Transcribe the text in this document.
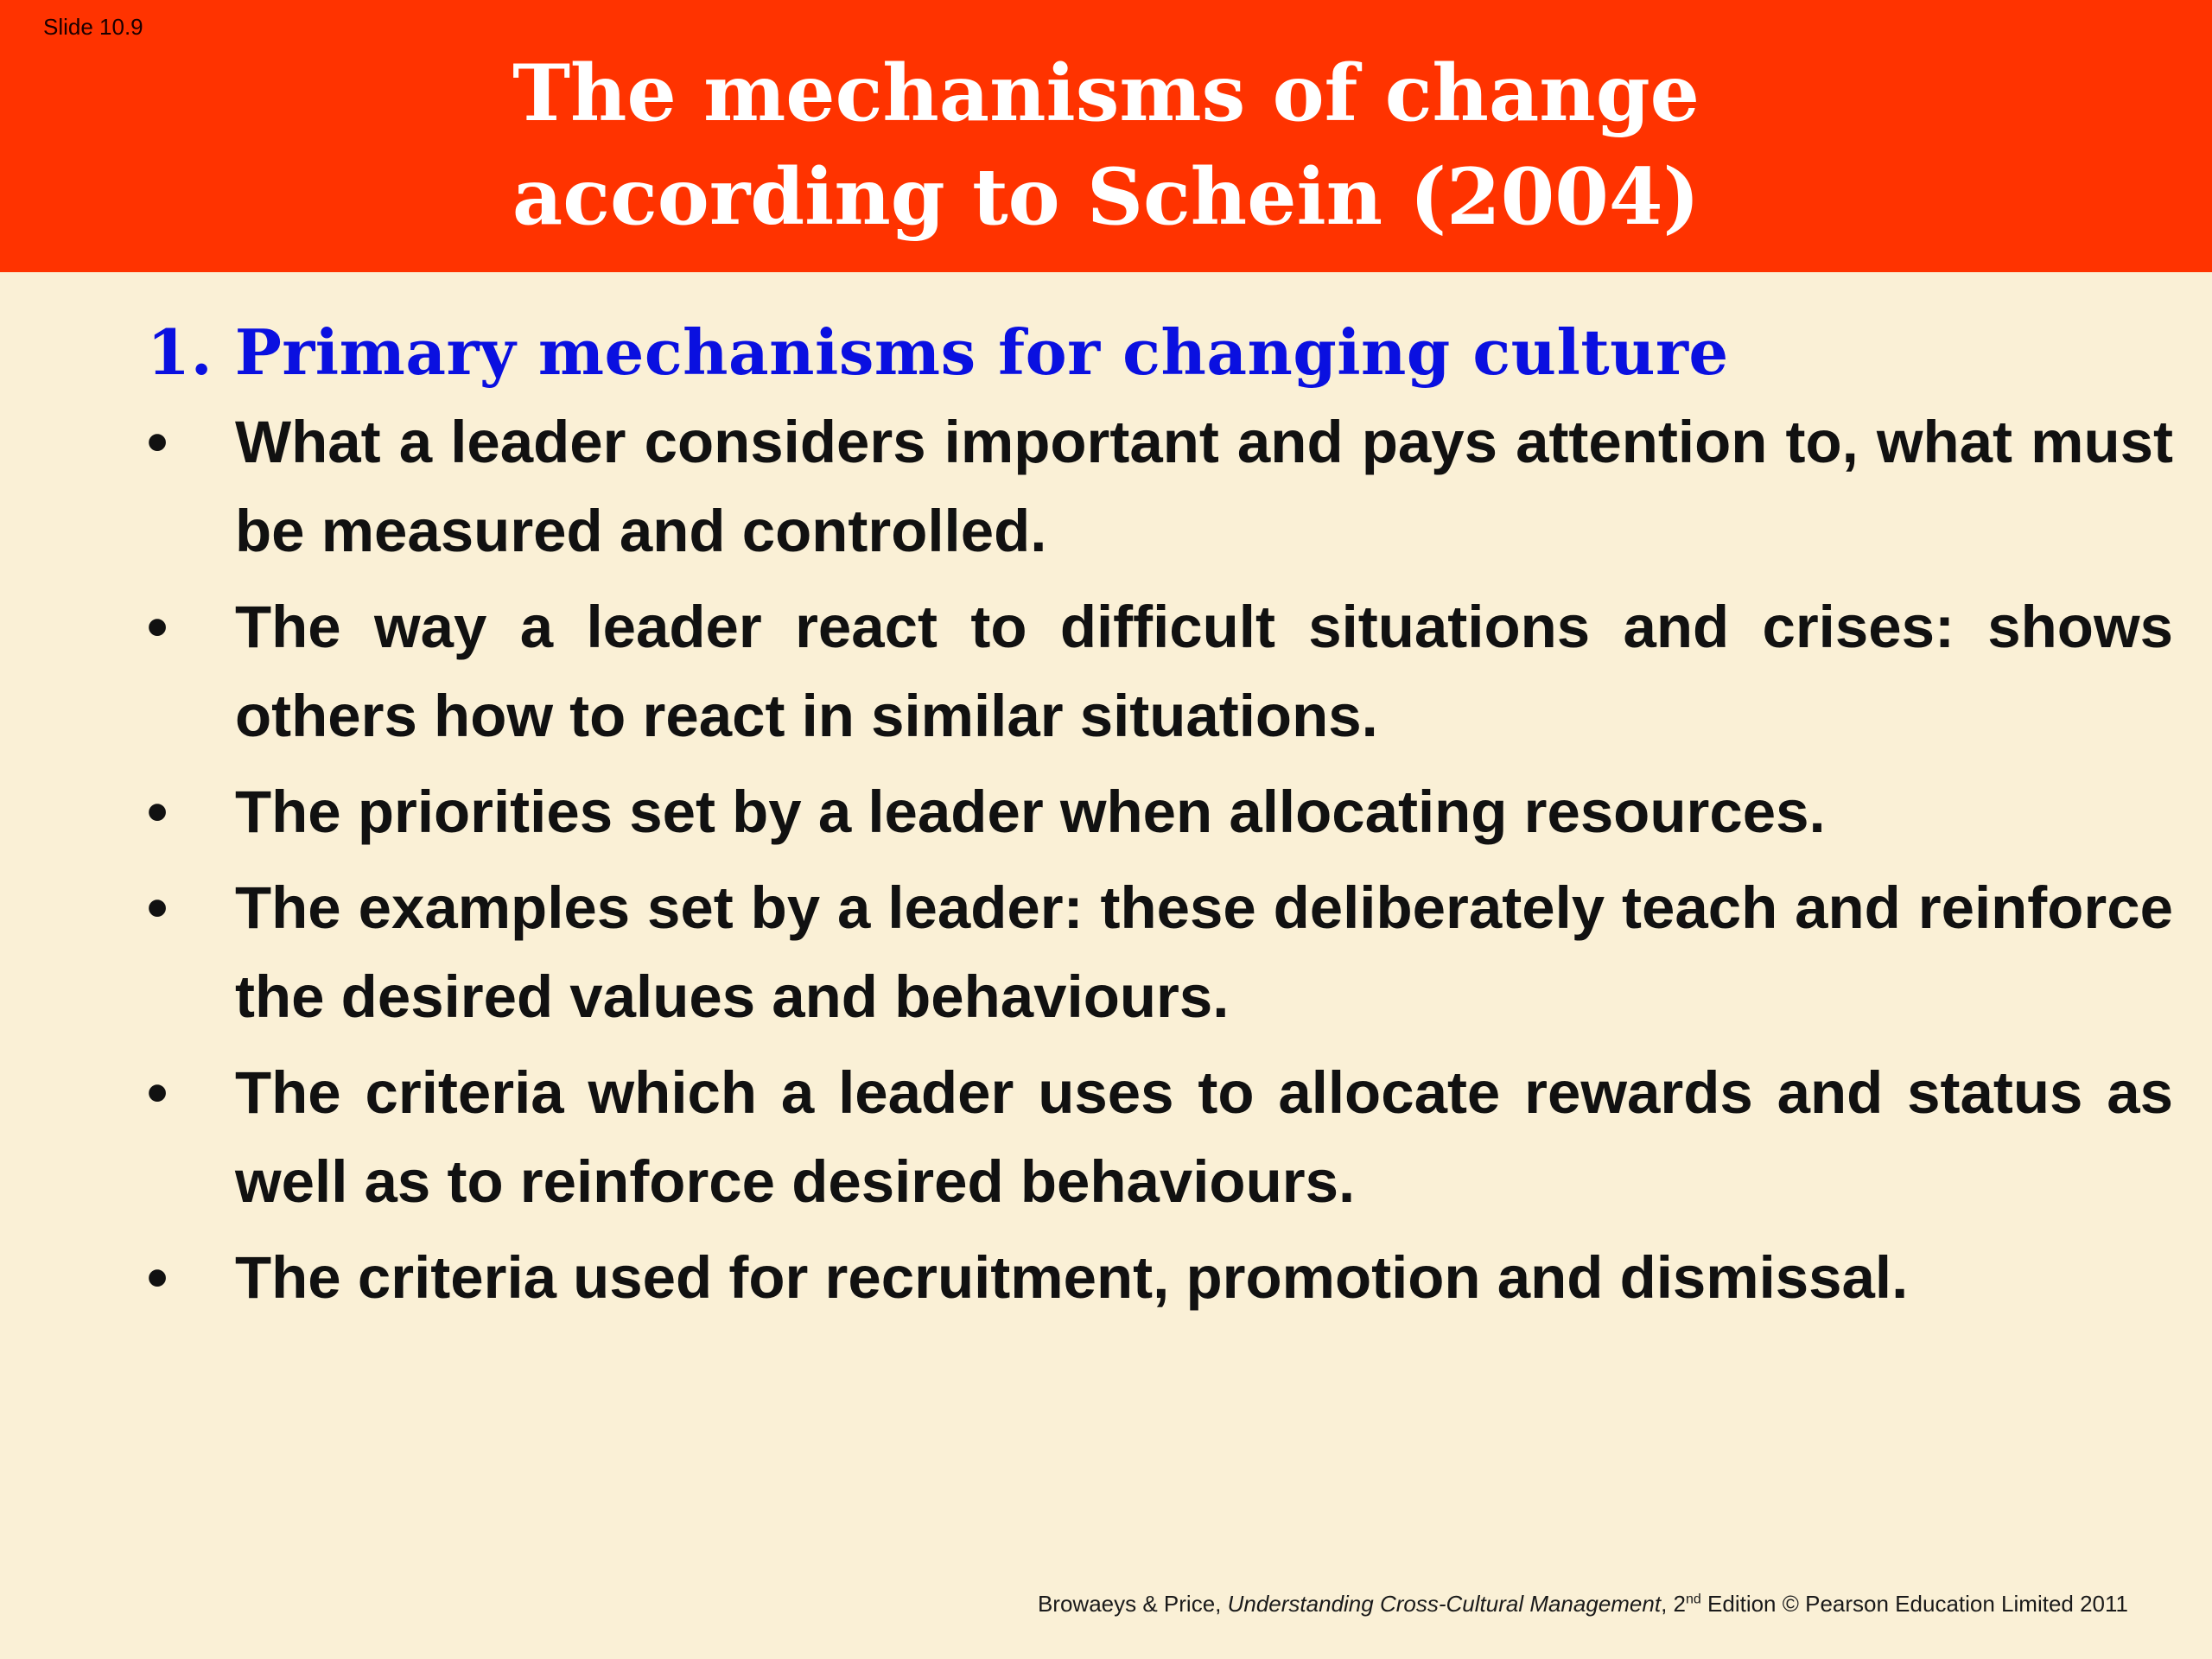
Slide 10.9
The mechanisms of change
according to Schein (2004)
1. Primary mechanisms for changing culture
• What a leader considers important and pays attention to, what must be measured and controlled.
• The way a leader react to difficult situations and crises: shows others how to react in similar situations.
• The priorities set by a leader when allocating resources.
• The examples set by a leader: these deliberately teach and reinforce the desired values and behaviours.
• The criteria which a leader uses to allocate rewards and status as well as to reinforce desired behaviours.
• The criteria used for recruitment, promotion and dismissal.
Browaeys & Price, Understanding Cross-Cultural Management, 2nd Edition © Pearson Education Limited 2011
